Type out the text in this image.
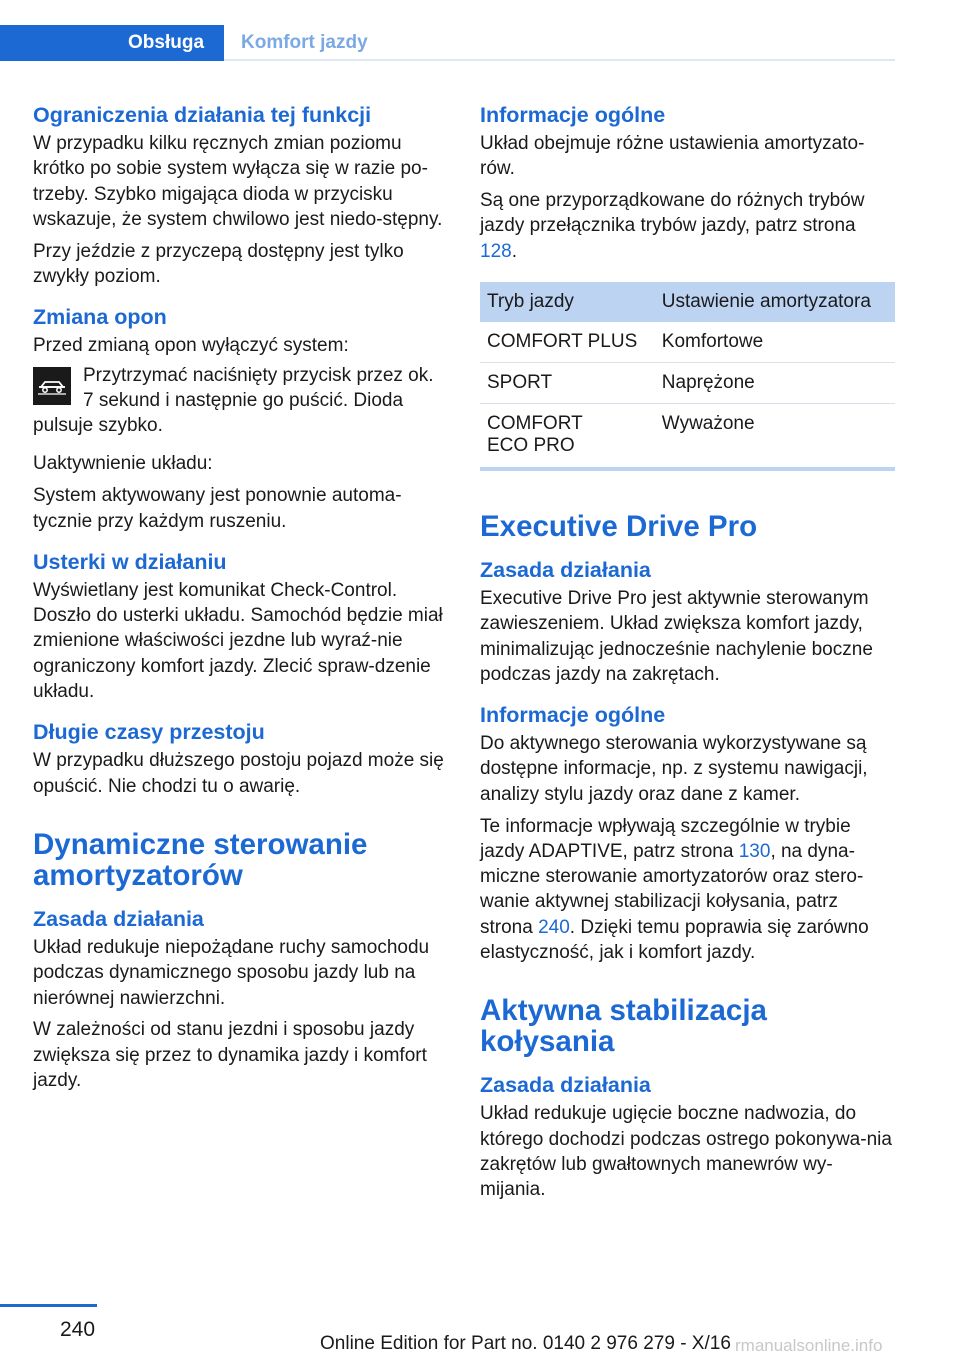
Obsługa Komfort jazdy
Ograniczenia działania tej funkcji

W przypadku kilku ręcznych zmian poziomu krótko po sobie system wyłącza się w razie po-trzeby. Szybko migająca dioda w przycisku wskazuje, że system chwilowo jest niedo-stępny.

Przy jeździe z przyczepą dostępny jest tylko zwykły poziom.

Zmiana opon

Przed zmianą opon wyłączyć system:

Przytrzymać naciśnięty przycisk przez ok. 7 sekund i następnie go puścić. Dioda

pulsuje szybko.

Uaktywnienie układu:

System aktywowany jest ponownie automa-tycznie przy każdym ruszeniu.

Usterki w działaniu

Wyświetlany jest komunikat Check-Control. Doszło do usterki układu. Samochód będzie miał zmienione właściwości jezdne lub wyraź-nie ograniczony komfort jazdy. Zlecić spraw-dzenie układu.

Długie czasy przestoju

W przypadku dłuższego postoju pojazd może się opuścić. Nie chodzi tu o awarię.

Dynamiczne sterowanie amortyzatorów
Zasada działania

Układ redukuje niepożądane ruchy samochodu podczas dynamicznego sposobu jazdy lub na nierównej nawierzchni.

W zależności od stanu jezdni i sposobu jazdy zwiększa się przez to dynamika jazdy i komfort jazdy.

Informacje ogólne

Układ obejmuje różne ustawienia amortyzato-rów.

Są one przyporządkowane do różnych trybów jazdy przełącznika trybów jazdy, patrz strona 128.

Tryb jazdy	Ustawienie amortyzatora
COMFORT PLUS	Komfortowe
SPORT	Naprężone
COMFORT
ECO PRO	Wyważone
Executive Drive Pro
Zasada działania

Executive Drive Pro jest aktywnie sterowanym zawieszeniem. Układ zwiększa komfort jazdy, minimalizując jednocześnie nachylenie boczne podczas jazdy na zakrętach.

Informacje ogólne

Do aktywnego sterowania wykorzystywane są dostępne informacje, np. z systemu nawigacji, analizy stylu jazdy oraz dane z kamer.

Te informacje wpływają szczególnie w trybie jazdy ADAPTIVE, patrz strona 130, na dyna-miczne sterowanie amortyzatorów oraz stero-wanie aktywnej stabilizacji kołysania, patrz strona 240. Dzięki temu poprawia się zarówno elastyczność, jak i komfort jazdy.

Aktywna stabilizacja kołysania
Zasada działania

Układ redukuje ugięcie boczne nadwozia, do którego dochodzi podczas ostrego pokonywa-nia zakrętów lub gwałtownych manewrów wy-mijania.

240
Online Edition for Part no. 0140 2 976 279 - X/16 rmanualsonline.info
